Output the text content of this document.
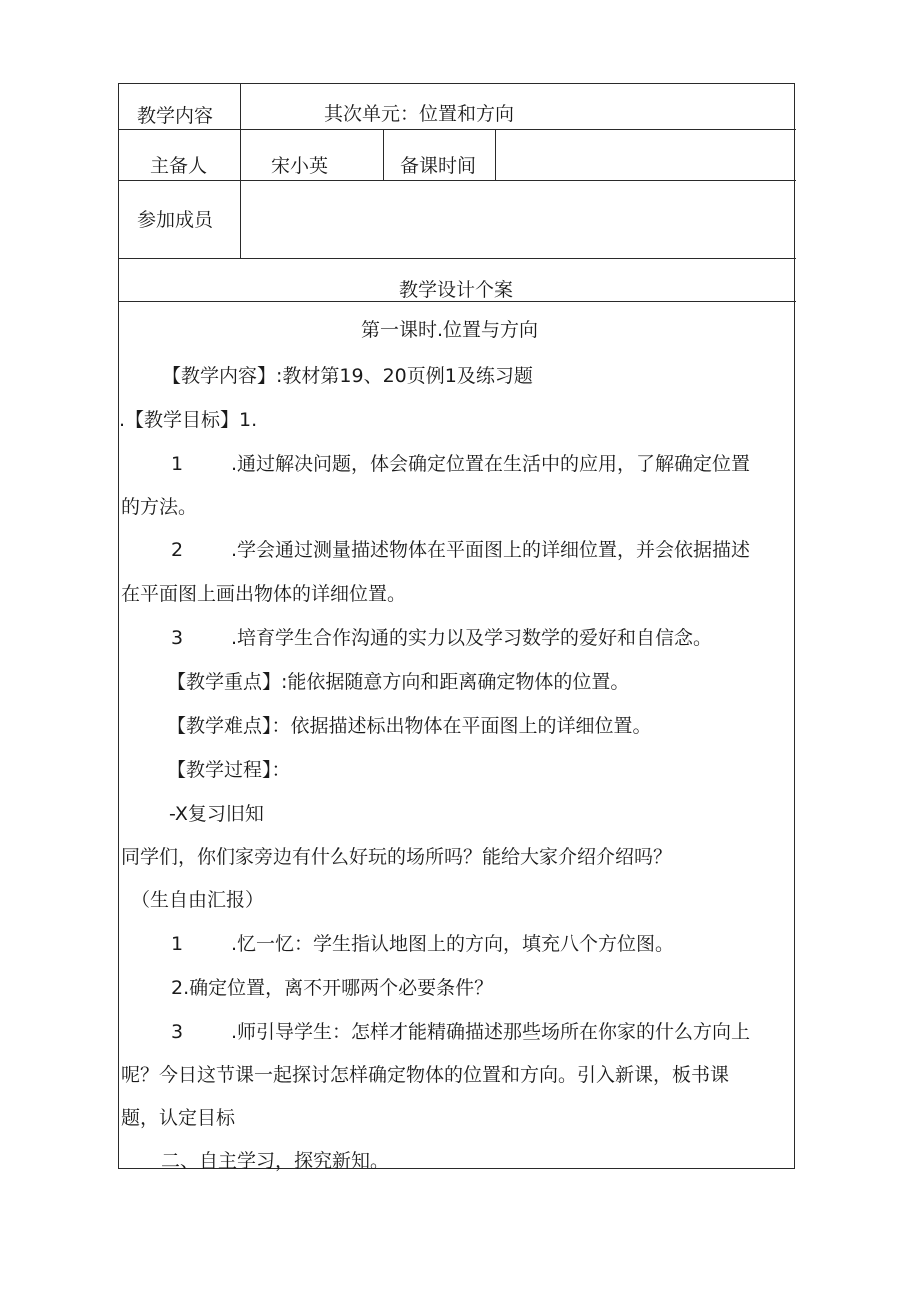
教学内容	其次单元：位置和方向
主备人	宋小英	备课时间
参加成员
教学设计个案
第一课时.位置与方向
【教学内容】:教材第19、20页例1及练习题
.【教学目标】1.
1	.通过解决问题，体会确定位置在生活中的应用，了解确定位置
的方法。
2	.学会通过测量描述物体在平面图上的详细位置，并会依据描述
在平面图上画出物体的详细位置。
3	.培育学生合作沟通的实力以及学习数学的爱好和自信念。
【教学重点】:能依据随意方向和距离确定物体的位置。
【教学难点】：依据描述标出物体在平面图上的详细位置。
【教学过程】：
-X复习旧知
同学们，你们家旁边有什么好玩的场所吗？能给大家介绍介绍吗？
（生自由汇报）
1	.忆一忆：学生指认地图上的方向，填充八个方位图。
2.确定位置，离不开哪两个必要条件？
3	.师引导学生：怎样才能精确描述那些场所在你家的什么方向上
呢？今日这节课一起探讨怎样确定物体的位置和方向。引入新课，板书课
题，认定目标
二、自主学习，探究新知。
